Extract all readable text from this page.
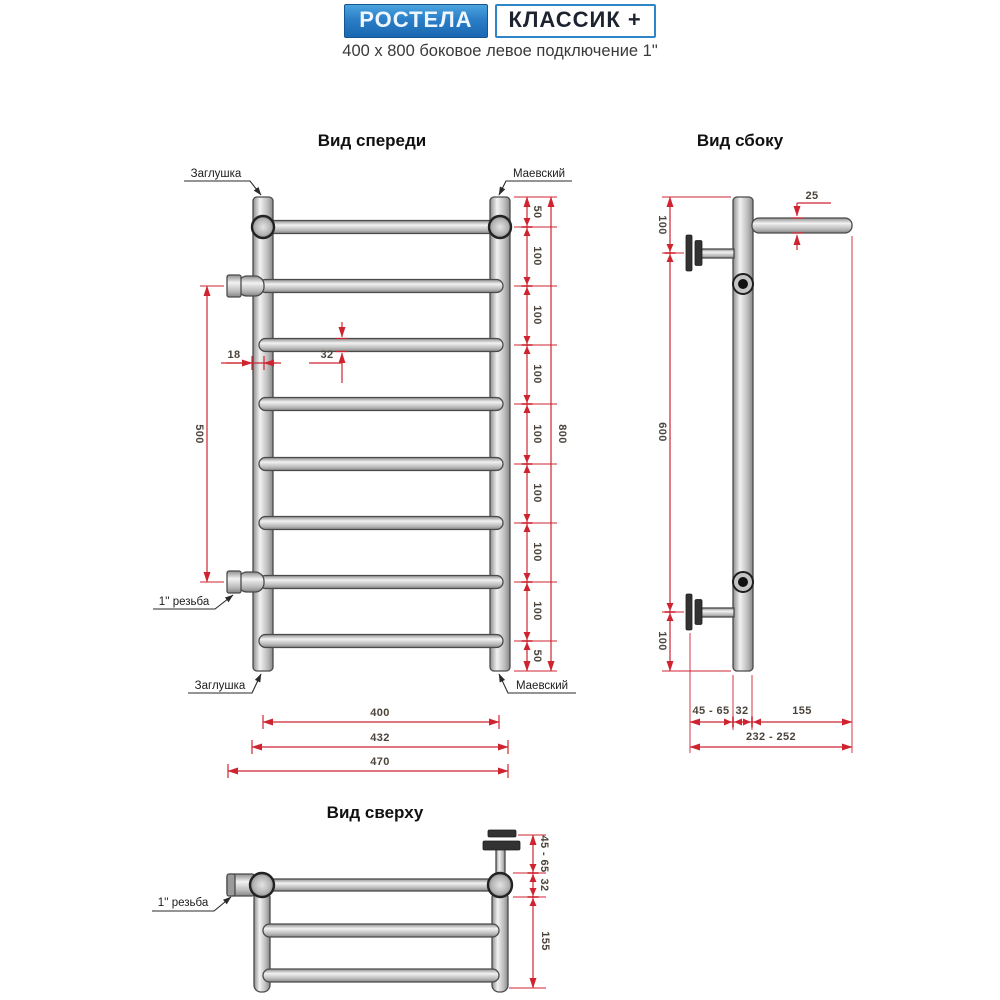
РОСТЕЛА	КЛАССИК +
400 x 800 боковое левое подключение 1"
Вид спереди
Заглушка	Маевский
1'' резьба
Заглушка	Маевский
500
18	32
50
100
100
100
100
100
100
100
50
800
400
432
470
Вид сбоку
25
100
600
100
45 - 65 32	155
232 - 252
Вид сверху
1'' резьба
45 - 65
32
155
